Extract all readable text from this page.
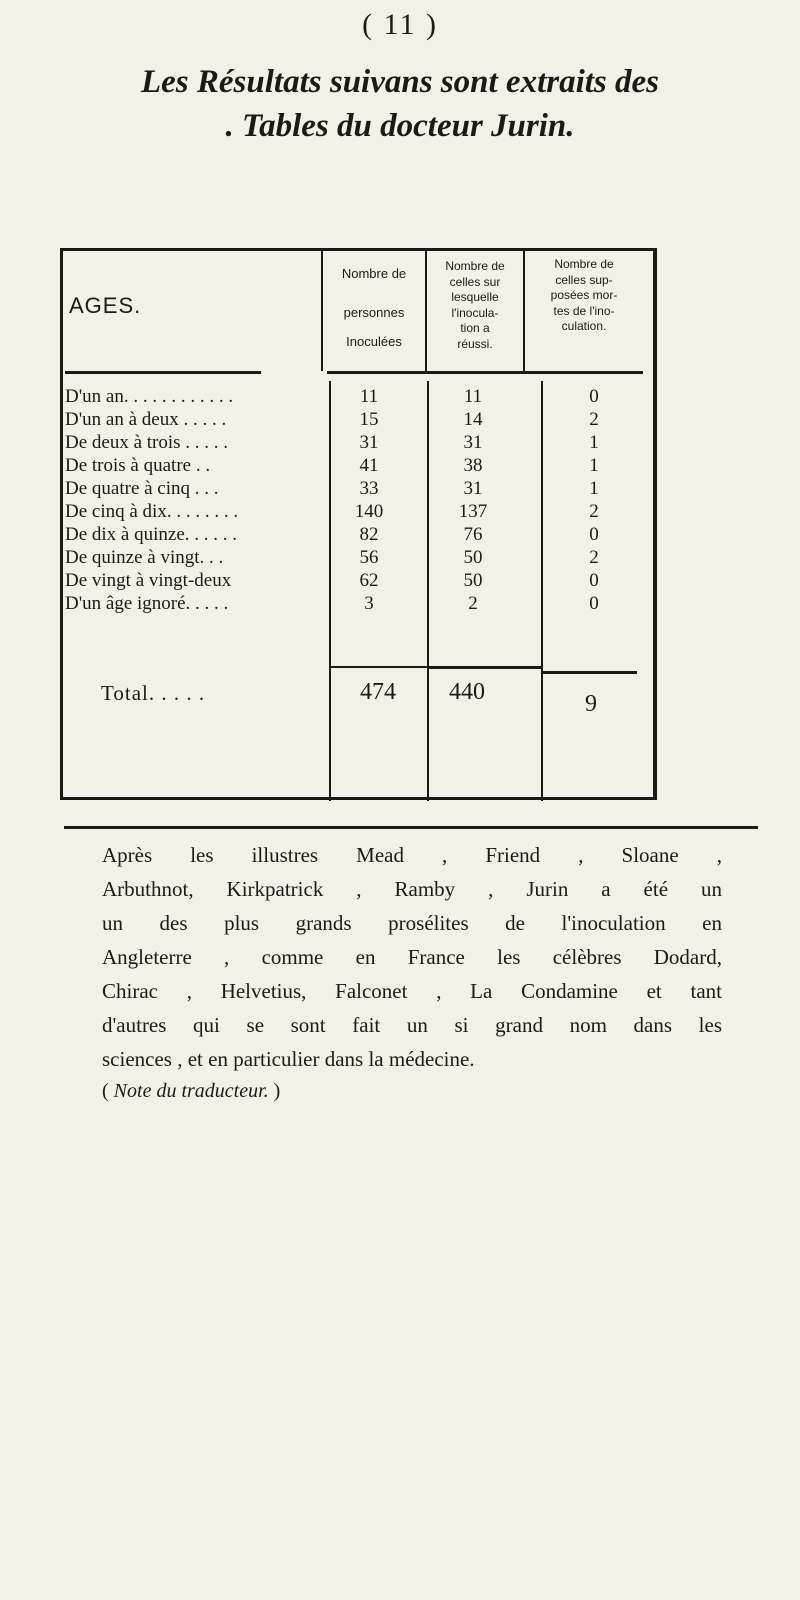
( 11 )
Les Résultats suivans sont extraits des
. Tables du docteur Jurin.
AGES.
Nombre de
personnes
Inoculées
Nombre de
celles sur
lesquelle
l'inocula-
tion a
réussi.
Nombre de
celles sup-
posées mor-
tes de l'ino-
culation.
D'un an. . . . . . . . . . . .	11	11	0
D'un an à deux . . . . .	15	14	2
De deux à trois . . . . .	31	31	1
De trois à quatre . .	41	38	1
De quatre à cinq . . .	33	31	1
De cinq à dix. . . . . . . .	140	137	2
De dix à quinze. . . . . .	82	76	0
De quinze à vingt. . .	56	50	2
De vingt à vingt-deux	62	50	0
D'un âge ignoré. . . . .	3	2	0
Total. . . . .	474	440	9
Après les illustres Mead , Friend , Sloane ,
Arbuthnot, Kirkpatrick , Ramby , Jurin a été un
un des plus grands prosélites de l'inoculation en
Angleterre , comme en France les célèbres Dodard,
Chirac , Helvetius, Falconet , La Condamine et tant
d'autres qui se sont fait un si grand nom dans les
sciences , et en particulier dans la médecine.
( Note du traducteur. )
